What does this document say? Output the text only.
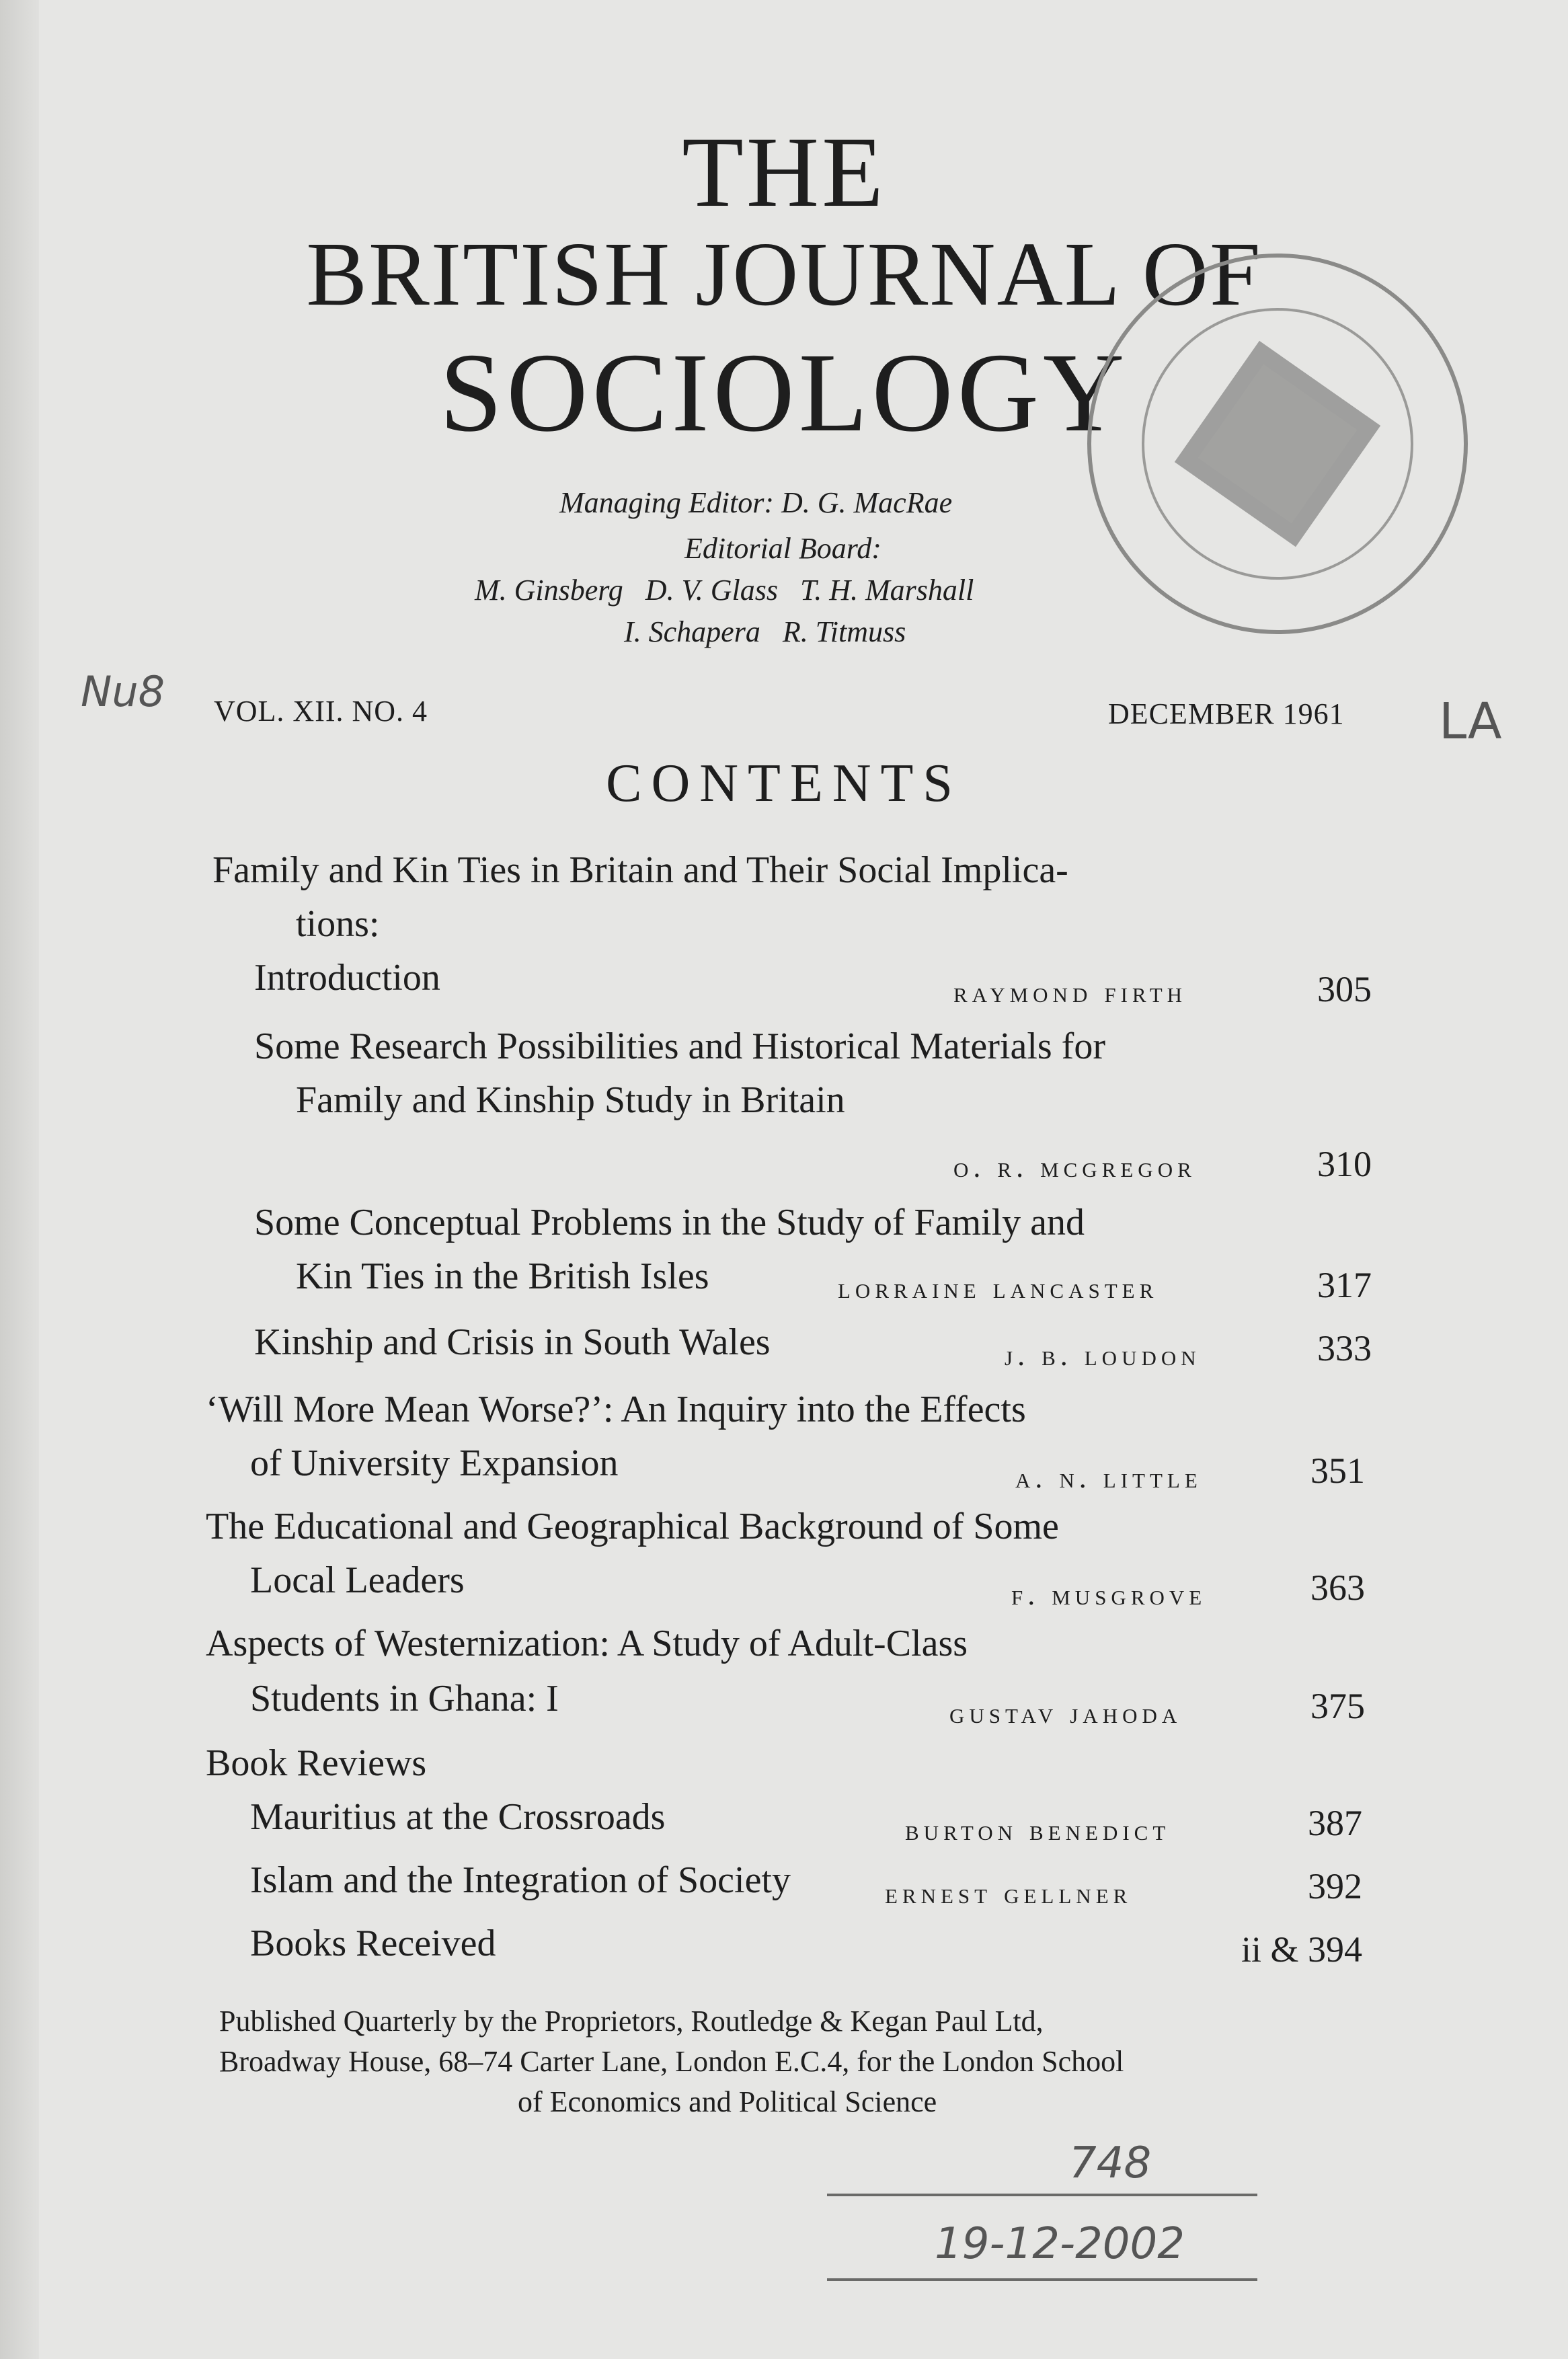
THE
BRITISH JOURNAL OF
SOCIOLOGY
Managing Editor: D. G. MacRae
Editorial Board:
M. Ginsberg   D. V. Glass   T. H. Marshall
I. Schapera   R. Titmuss
VOL. XII. NO. 4	DECEMBER 1961
CONTENTS
Family and Kin Ties in Britain and Their Social Implica-
tions:
Introduction	raymond firth	305
Some Research Possibilities and Historical Materials for
Family and Kinship Study in Britain
o. r. mcgregor	310
Some Conceptual Problems in the Study of Family and
Kin Ties in the British Isles	lorraine lancaster	317
Kinship and Crisis in South Wales	j. b. loudon	333
‘Will More Mean Worse?’: An Inquiry into the Effects
of University Expansion	a. n. little	351
The Educational and Geographical Background of Some
Local Leaders	f. musgrove	363
Aspects of Westernization: A Study of Adult-Class
Students in Ghana: I	gustav jahoda	375
Book Reviews
Mauritius at the Crossroads	burton benedict	387
Islam and the Integration of Society	ernest gellner	392
Books Received	ii & 394
Published Quarterly by the Proprietors, Routledge & Kegan Paul Ltd,
Broadway House, 68–74 Carter Lane, London E.C.4, for the London School
of Economics and Political Science
Nu8
LA
748
19-12-2002
